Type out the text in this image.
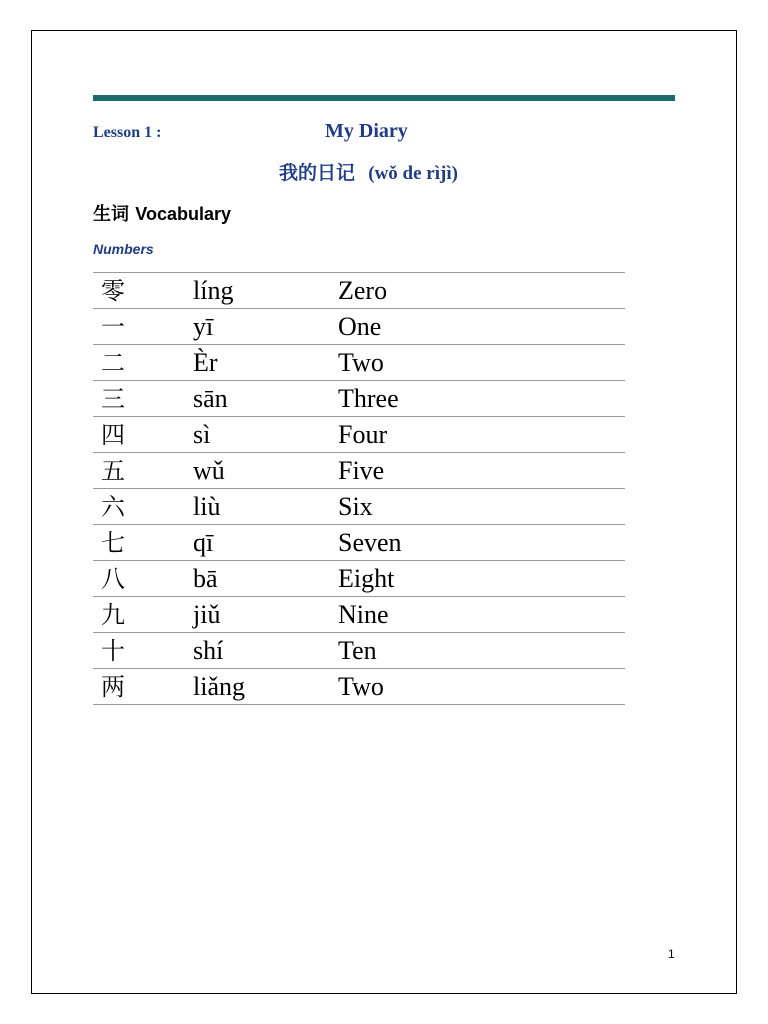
Lesson 1 :	My Diary
我的日记 (wǒ de rìjì)
生词 Vocabulary
Numbers
零	líng	Zero
一	yī	One
二	Èr	Two
三	sān	Three
四	sì	Four
五	wǔ	Five
六	liù	Six
七	qī	Seven
八	bā	Eight
九	jiǔ	Nine
十	shí	Ten
两	liǎng	Two
1
